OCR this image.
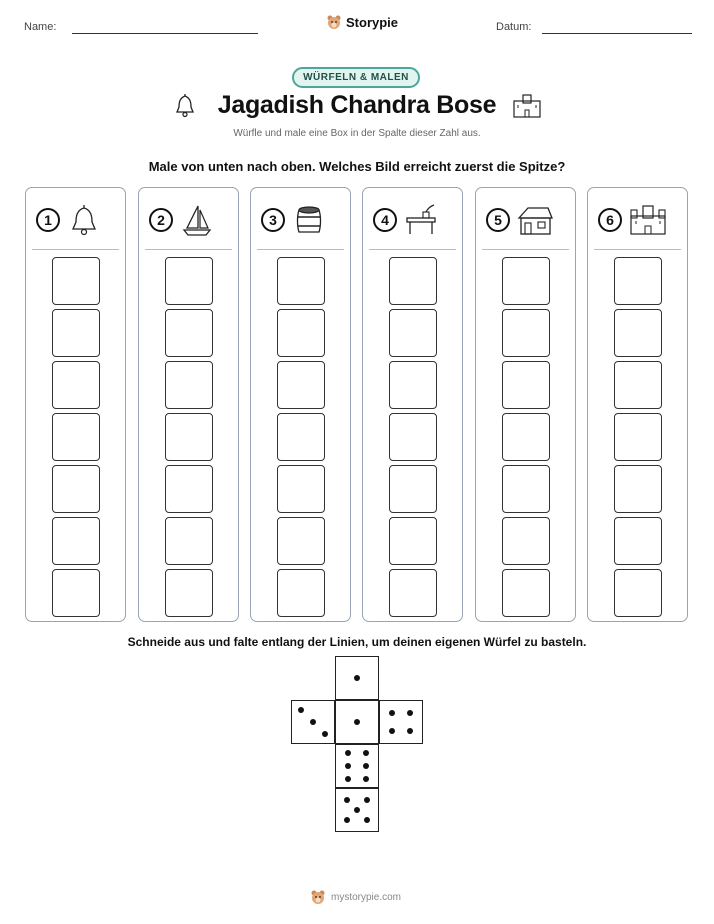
Name:	Storypie	Datum:
WÜRFELN & MALEN
Jagadish Chandra Bose
Würfle und male eine Box in der Spalte dieser Zahl aus.
Male von unten nach oben. Welches Bild erreicht zuerst die Spitze?
1	2	3	4	5	6
Schneide aus und falte entlang der Linien, um deinen eigenen Würfel zu basteln.
mystorypie.com
